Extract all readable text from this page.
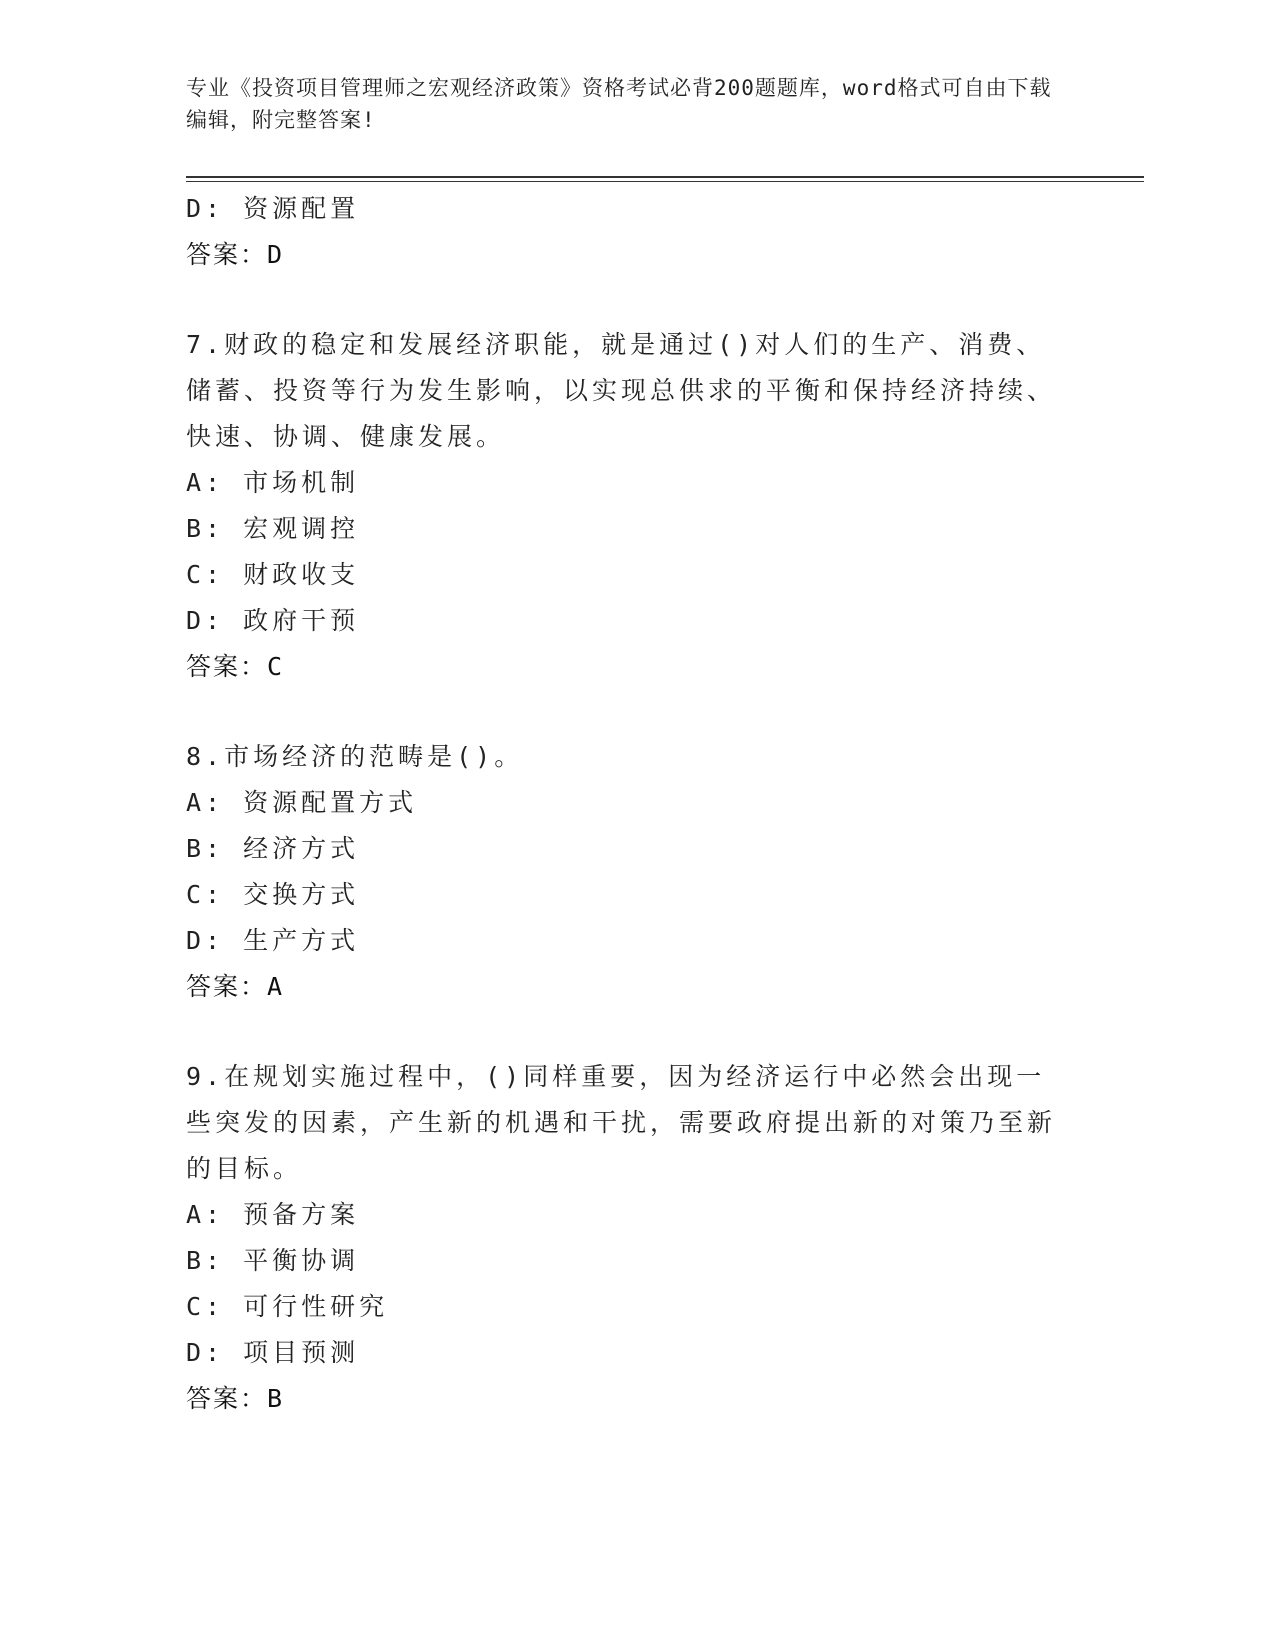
专业《投资项目管理师之宏观经济政策》资格考试必背200题题库，word格式可自由下载编辑，附完整答案!
D: 资源配置
答案：D
7.财政的稳定和发展经济职能，就是通过()对人们的生产、消费、储蓄、投资等行为发生影响，以实现总供求的平衡和保持经济持续、快速、协调、健康发展。
A: 市场机制
B: 宏观调控
C: 财政收支
D: 政府干预
答案：C
8.市场经济的范畴是()。
A: 资源配置方式
B: 经济方式
C: 交换方式
D: 生产方式
答案：A
9.在规划实施过程中，()同样重要，因为经济运行中必然会出现一些突发的因素，产生新的机遇和干扰，需要政府提出新的对策乃至新的目标。
A: 预备方案
B: 平衡协调
C: 可行性研究
D: 项目预测
答案：B
